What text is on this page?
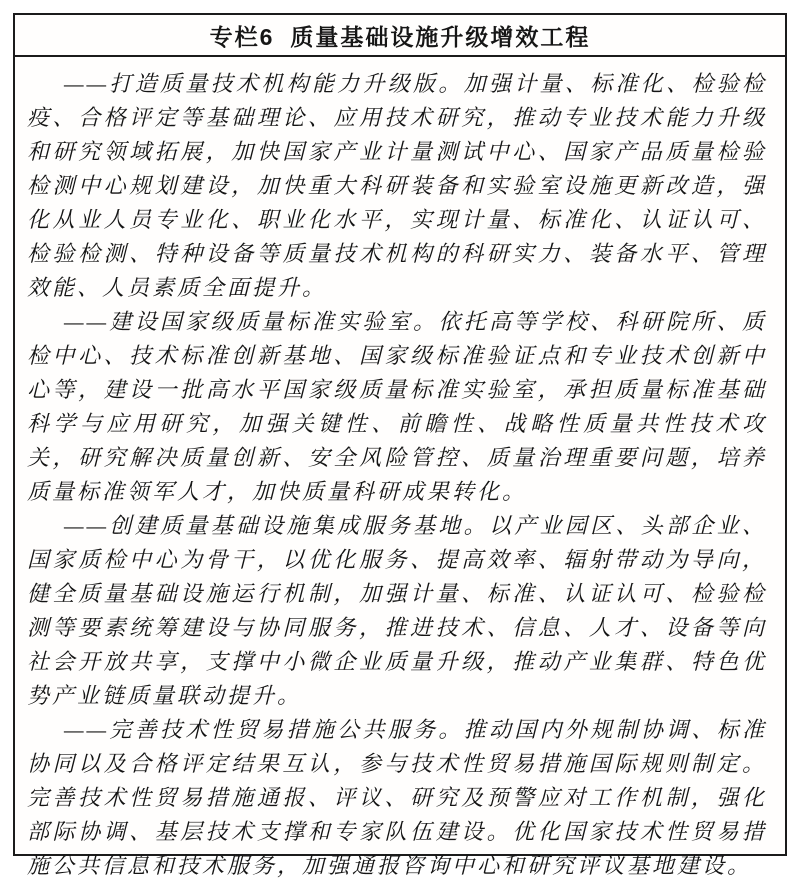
专栏6 质量基础设施升级增效工程

——打造质量技术机构能力升级版。加强计量、标准化、检验检疫、合格评定等基础理论、应用技术研究，推动专业技术能力升级和研究领域拓展，加快国家产业计量测试中心、国家产品质量检验检测中心规划建设，加快重大科研装备和实验室设施更新改造，强化从业人员专业化、职业化水平，实现计量、标准化、认证认可、检验检测、特种设备等质量技术机构的科研实力、装备水平、管理效能、人员素质全面提升。

——建设国家级质量标准实验室。依托高等学校、科研院所、质检中心、技术标准创新基地、国家级标准验证点和专业技术创新中心等，建设一批高水平国家级质量标准实验室，承担质量标准基础科学与应用研究，加强关键性、前瞻性、战略性质量共性技术攻关，研究解决质量创新、安全风险管控、质量治理重要问题，培养质量标准领军人才，加快质量科研成果转化。

——创建质量基础设施集成服务基地。以产业园区、头部企业、国家质检中心为骨干，以优化服务、提高效率、辐射带动为导向，健全质量基础设施运行机制，加强计量、标准、认证认可、检验检测等要素统筹建设与协同服务，推进技术、信息、人才、设备等向社会开放共享，支撑中小微企业质量升级，推动产业集群、特色优势产业链质量联动提升。

——完善技术性贸易措施公共服务。推动国内外规制协调、标准协同以及合格评定结果互认，参与技术性贸易措施国际规则制定。完善技术性贸易措施通报、评议、研究及预警应对工作机制，强化部际协调、基层技术支撑和专家队伍建设。优化国家技术性贸易措施公共信息和技术服务，加强通报咨询中心和研究评议基地建设。
